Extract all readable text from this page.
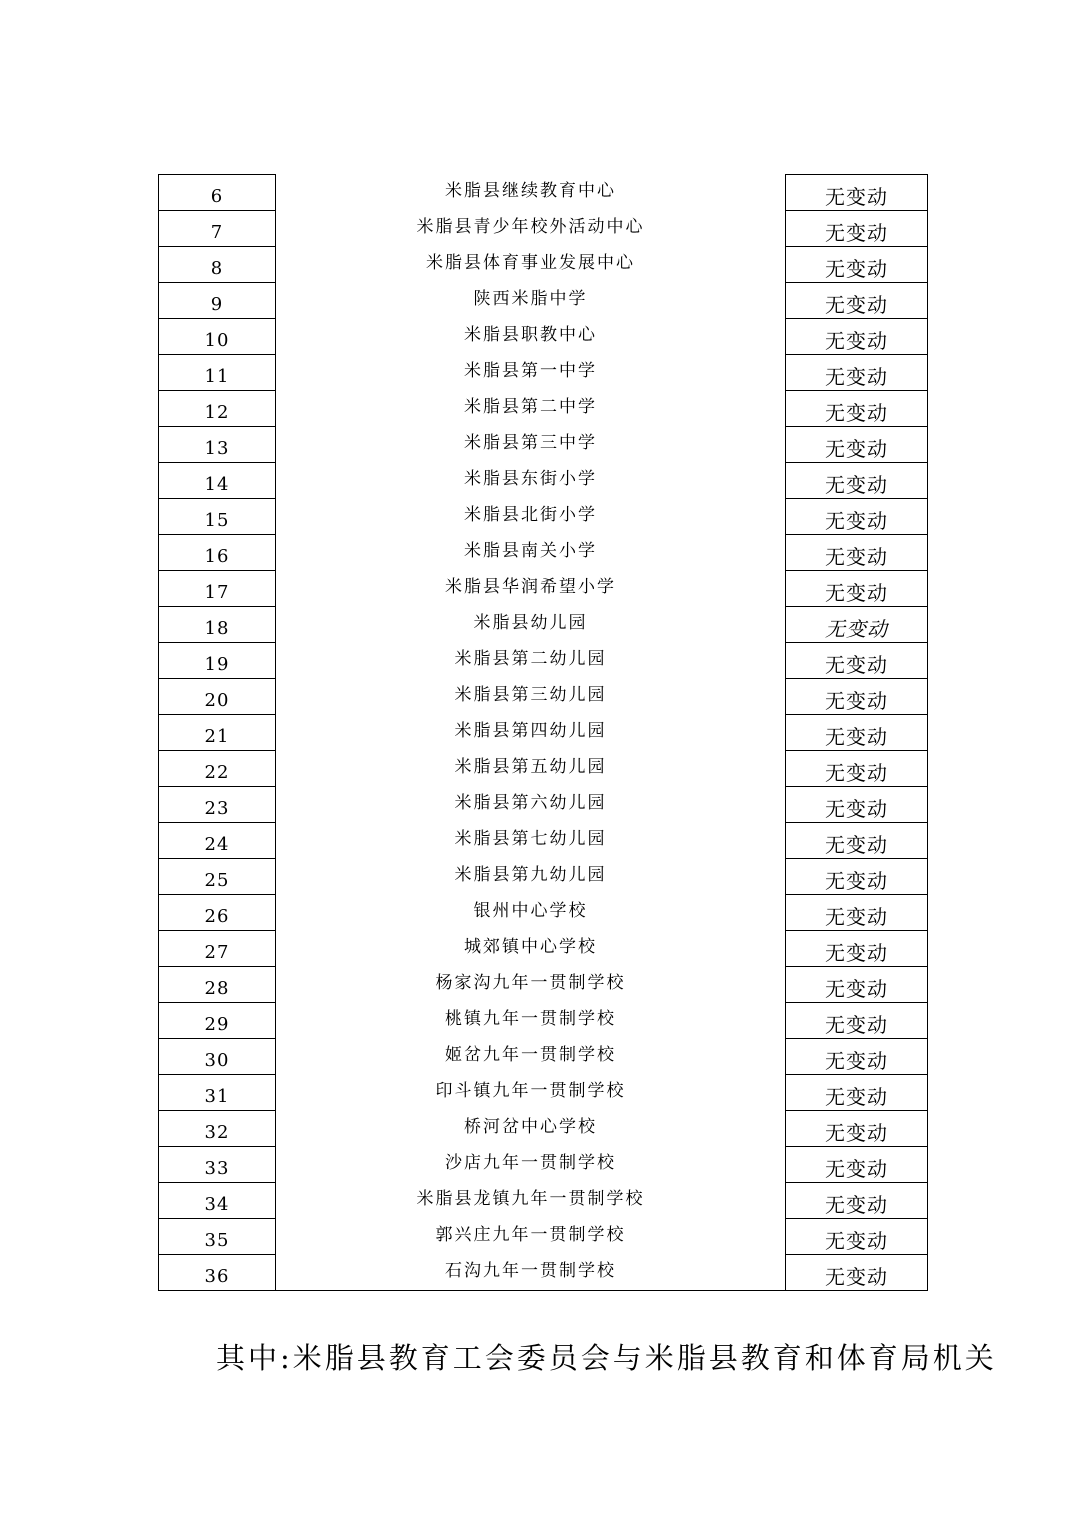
6	米脂县继续教育中心	无变动
7	米脂县青少年校外活动中心	无变动
8	米脂县体育事业发展中心	无变动
9	陕西米脂中学	无变动
10	米脂县职教中心	无变动
11	米脂县第一中学	无变动
12	米脂县第二中学	无变动
13	米脂县第三中学	无变动
14	米脂县东街小学	无变动
15	米脂县北街小学	无变动
16	米脂县南关小学	无变动
17	米脂县华润希望小学	无变动
18	米脂县幼儿园	无变动
19	米脂县第二幼儿园	无变动
20	米脂县第三幼儿园	无变动
21	米脂县第四幼儿园	无变动
22	米脂县第五幼儿园	无变动
23	米脂县第六幼儿园	无变动
24	米脂县第七幼儿园	无变动
25	米脂县第九幼儿园	无变动
26	银州中心学校	无变动
27	城郊镇中心学校	无变动
28	杨家沟九年一贯制学校	无变动
29	桃镇九年一贯制学校	无变动
30	姬岔九年一贯制学校	无变动
31	印斗镇九年一贯制学校	无变动
32	桥河岔中心学校	无变动
33	沙店九年一贯制学校	无变动
34	米脂县龙镇九年一贯制学校	无变动
35	郭兴庄九年一贯制学校	无变动
36	石沟九年一贯制学校	无变动
其中:米脂县教育工会委员会与米脂县教育和体育局机关
